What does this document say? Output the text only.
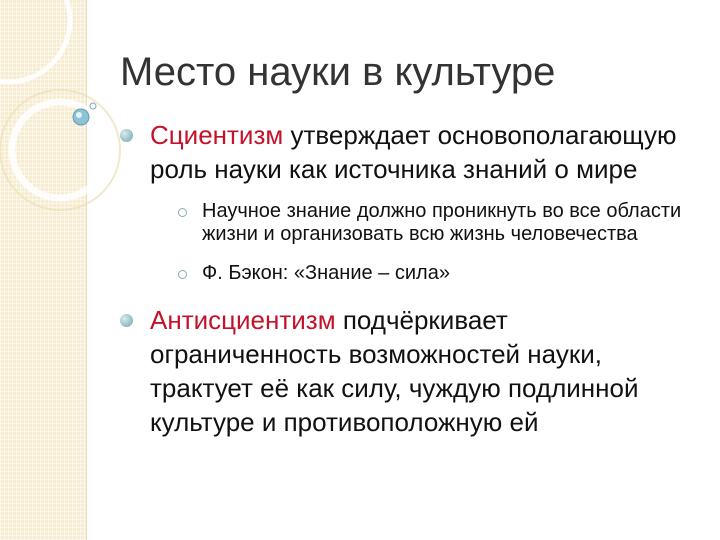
Место науки в культуре
Сциентизм утверждает основополагающую роль науки как источника знаний о мире
Научное знание должно проникнуть во все области жизни и организовать всю жизнь человечества
Ф. Бэкон: «Знание – сила»
Антисциентизм подчёркивает ограниченность возможностей науки, трактует её как силу, чуждую подлинной культуре и противоположную ей
